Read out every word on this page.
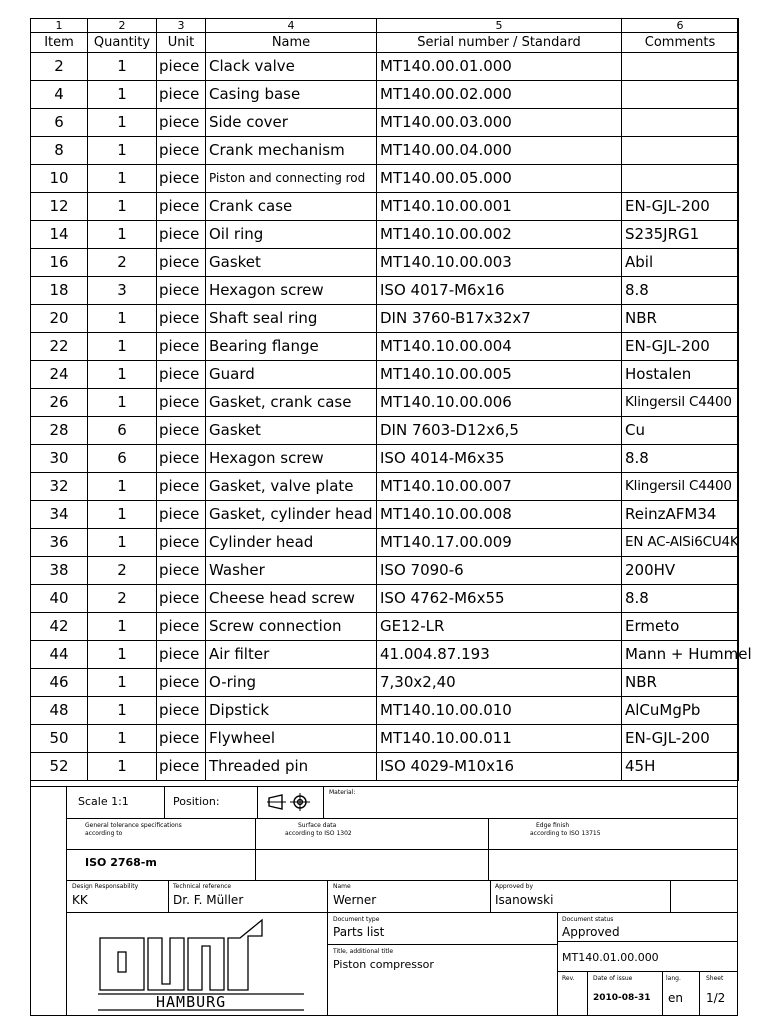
1	2	3	4	5	6
Item	Quantity	Unit	Name	Serial number / Standard	Comments
2	1	piece	Clack valve	MT140.00.01.000	
4	1	piece	Casing base	MT140.00.02.000	
6	1	piece	Side cover	MT140.00.03.000	
8	1	piece	Crank mechanism	MT140.00.04.000	
10	1	piece	Piston and connecting rod	MT140.00.05.000	
12	1	piece	Crank case	MT140.10.00.001	EN-GJL-200
14	1	piece	Oil ring	MT140.10.00.002	S235JRG1
16	2	piece	Gasket	MT140.10.00.003	Abil
18	3	piece	Hexagon screw	ISO 4017-M6x16	8.8
20	1	piece	Shaft seal ring	DIN 3760-B17x32x7	NBR
22	1	piece	Bearing flange	MT140.10.00.004	EN-GJL-200
24	1	piece	Guard	MT140.10.00.005	Hostalen
26	1	piece	Gasket, crank case	MT140.10.00.006	Klingersil C4400
28	6	piece	Gasket	DIN 7603-D12x6,5	Cu
30	6	piece	Hexagon screw	ISO 4014-M6x35	8.8
32	1	piece	Gasket, valve plate	MT140.10.00.007	Klingersil C4400
34	1	piece	Gasket, cylinder head	MT140.10.00.008	ReinzAFM34
36	1	piece	Cylinder head	MT140.17.00.009	EN AC-AlSi6CU4K
38	2	piece	Washer	ISO 7090-6	200HV
40	2	piece	Cheese head screw	ISO 4762-M6x55	8.8
42	1	piece	Screw connection	GE12-LR	Ermeto
44	1	piece	Air filter	41.004.87.193	Mann + Hummel
46	1	piece	O-ring	7,30x2,40	NBR
48	1	piece	Dipstick	MT140.10.00.010	AlCuMgPb
50	1	piece	Flywheel	MT140.10.00.011	EN-GJL-200
52	1	piece	Threaded pin	ISO 4029-M10x16	45H
Scale 1:1	Position:
Material:
General tolerance specifications
according to
ISO 2768-m
Surface data
according to ISO 1302
Edge finish
according to ISO 13715
Design Responsability
KK
Technical reference
Dr. F. Müller
Name
Werner
Approved by
Isanowski
HAMBURG
Document type
Parts list
Title, additional title
Piston compressor
Document status
Approved
MT140.01.00.000
Rev.	Date of issue
2010-08-31
lang.
en
Sheet
1/2
